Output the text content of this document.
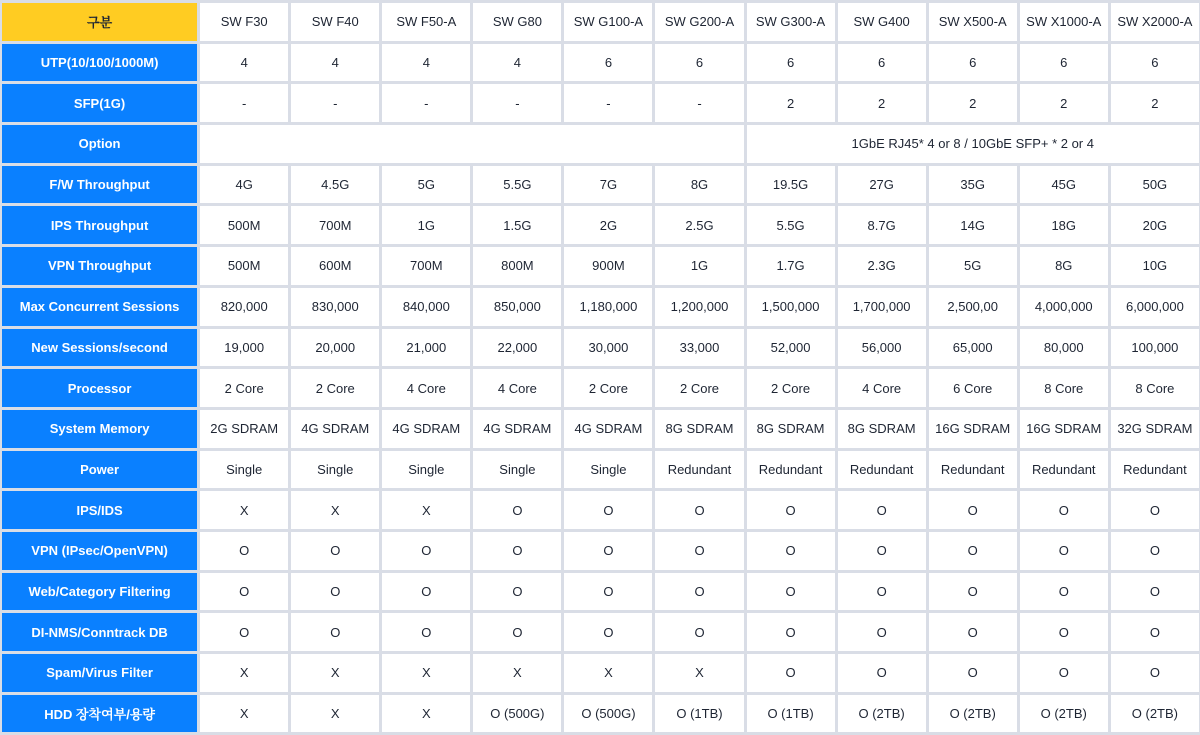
구분	SW F30	SW F40	SW F50-A	SW G80	SW G100-A	SW G200-A	SW G300-A	SW G400	SW X500-A	SW X1000-A	SW X2000-A
UTP(10/100/1000M)	4	4	4	4	6	6	6	6	6	6	6
SFP(1G)	-	-	-	-	-	-	2	2	2	2	2
Option							1GbE RJ45* 4 or 8 / 10GbE SFP+ * 2 or 4				
F/W Throughput	4G	4.5G	5G	5.5G	7G	8G	19.5G	27G	35G	45G	50G
IPS Throughput	500M	700M	1G	1.5G	2G	2.5G	5.5G	8.7G	14G	18G	20G
VPN Throughput	500M	600M	700M	800M	900M	1G	1.7G	2.3G	5G	8G	10G
Max Concurrent Sessions	820,000	830,000	840,000	850,000	1,180,000	1,200,000	1,500,000	1,700,000	2,500,00	4,000,000	6,000,000
New Sessions/second	19,000	20,000	21,000	22,000	30,000	33,000	52,000	56,000	65,000	80,000	100,000
Processor	2 Core	2 Core	4 Core	4 Core	2 Core	2 Core	2 Core	4 Core	6 Core	8 Core	8 Core
System Memory	2G SDRAM	4G SDRAM	4G SDRAM	4G SDRAM	4G SDRAM	8G SDRAM	8G SDRAM	8G SDRAM	16G SDRAM	16G SDRAM	32G SDRAM
Power	Single	Single	Single	Single	Single	Redundant	Redundant	Redundant	Redundant	Redundant	Redundant
IPS/IDS	X	X	X	O	O	O	O	O	O	O	O
VPN (IPsec/OpenVPN)	O	O	O	O	O	O	O	O	O	O	O
Web/Category Filtering	O	O	O	O	O	O	O	O	O	O	O
DI-NMS/Conntrack DB	O	O	O	O	O	O	O	O	O	O	O
Spam/Virus Filter	X	X	X	X	X	X	O	O	O	O	O
HDD 장착여부/용량	X	X	X	O (500G)	O (500G)	O (1TB)	O (1TB)	O (2TB)	O (2TB)	O (2TB)	O (2TB)
